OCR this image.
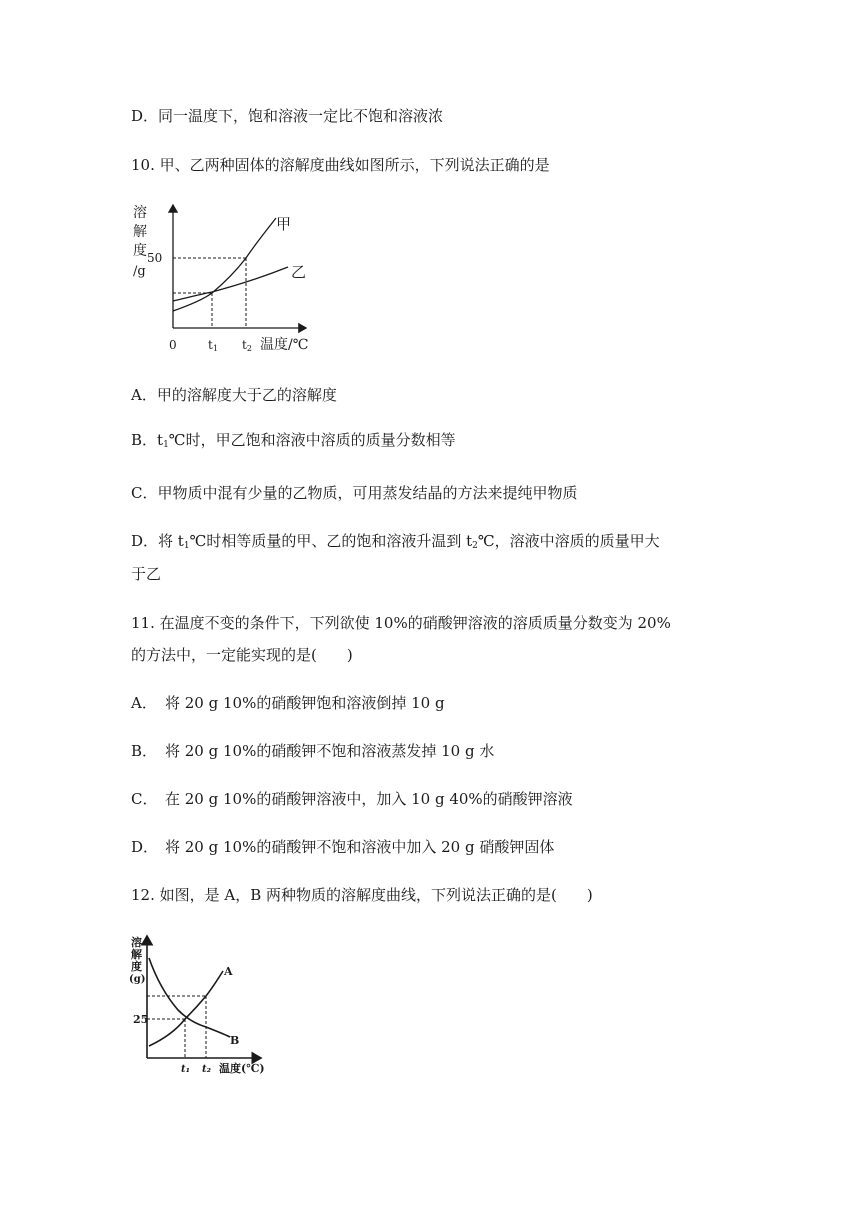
D．同一温度下，饱和溶液一定比不饱和溶液浓
10. 甲、乙两种固体的溶解度曲线如图所示，下列说法正确的是
溶
解
度
/g
50
0	t1 t2 温度/℃
甲
乙
A．甲的溶解度大于乙的溶解度
B．$t_1℃$时，甲乙饱和溶液中溶质的质量分数相等
C．甲物质中混有少量的乙物质，可用蒸发结晶的方法来提纯甲物质
D．将 $t_1℃$时相等质量的甲、乙的饱和溶液升温到 $t_2℃$，溶液中溶质的质量甲大
于乙
11. 在温度不变的条件下，下列欲使 10%的硝酸钾溶液的溶质质量分数变为 20%
的方法中，一定能实现的是(　　)
A． 将 20 g 10%的硝酸钾饱和溶液倒掉 10 g
B． 将 20 g 10%的硝酸钾不饱和溶液蒸发掉 10 g 水
C． 在 20 g 10%的硝酸钾溶液中，加入 10 g 40%的硝酸钾溶液
D． 将 20 g 10%的硝酸钾不饱和溶液中加入 20 g 硝酸钾固体
12. 如图，是 A，B 两种物质的溶解度曲线，下列说法正确的是(　　)
溶
解
度
(g)
25
A
B
t₁ t₂ 温度(℃)
